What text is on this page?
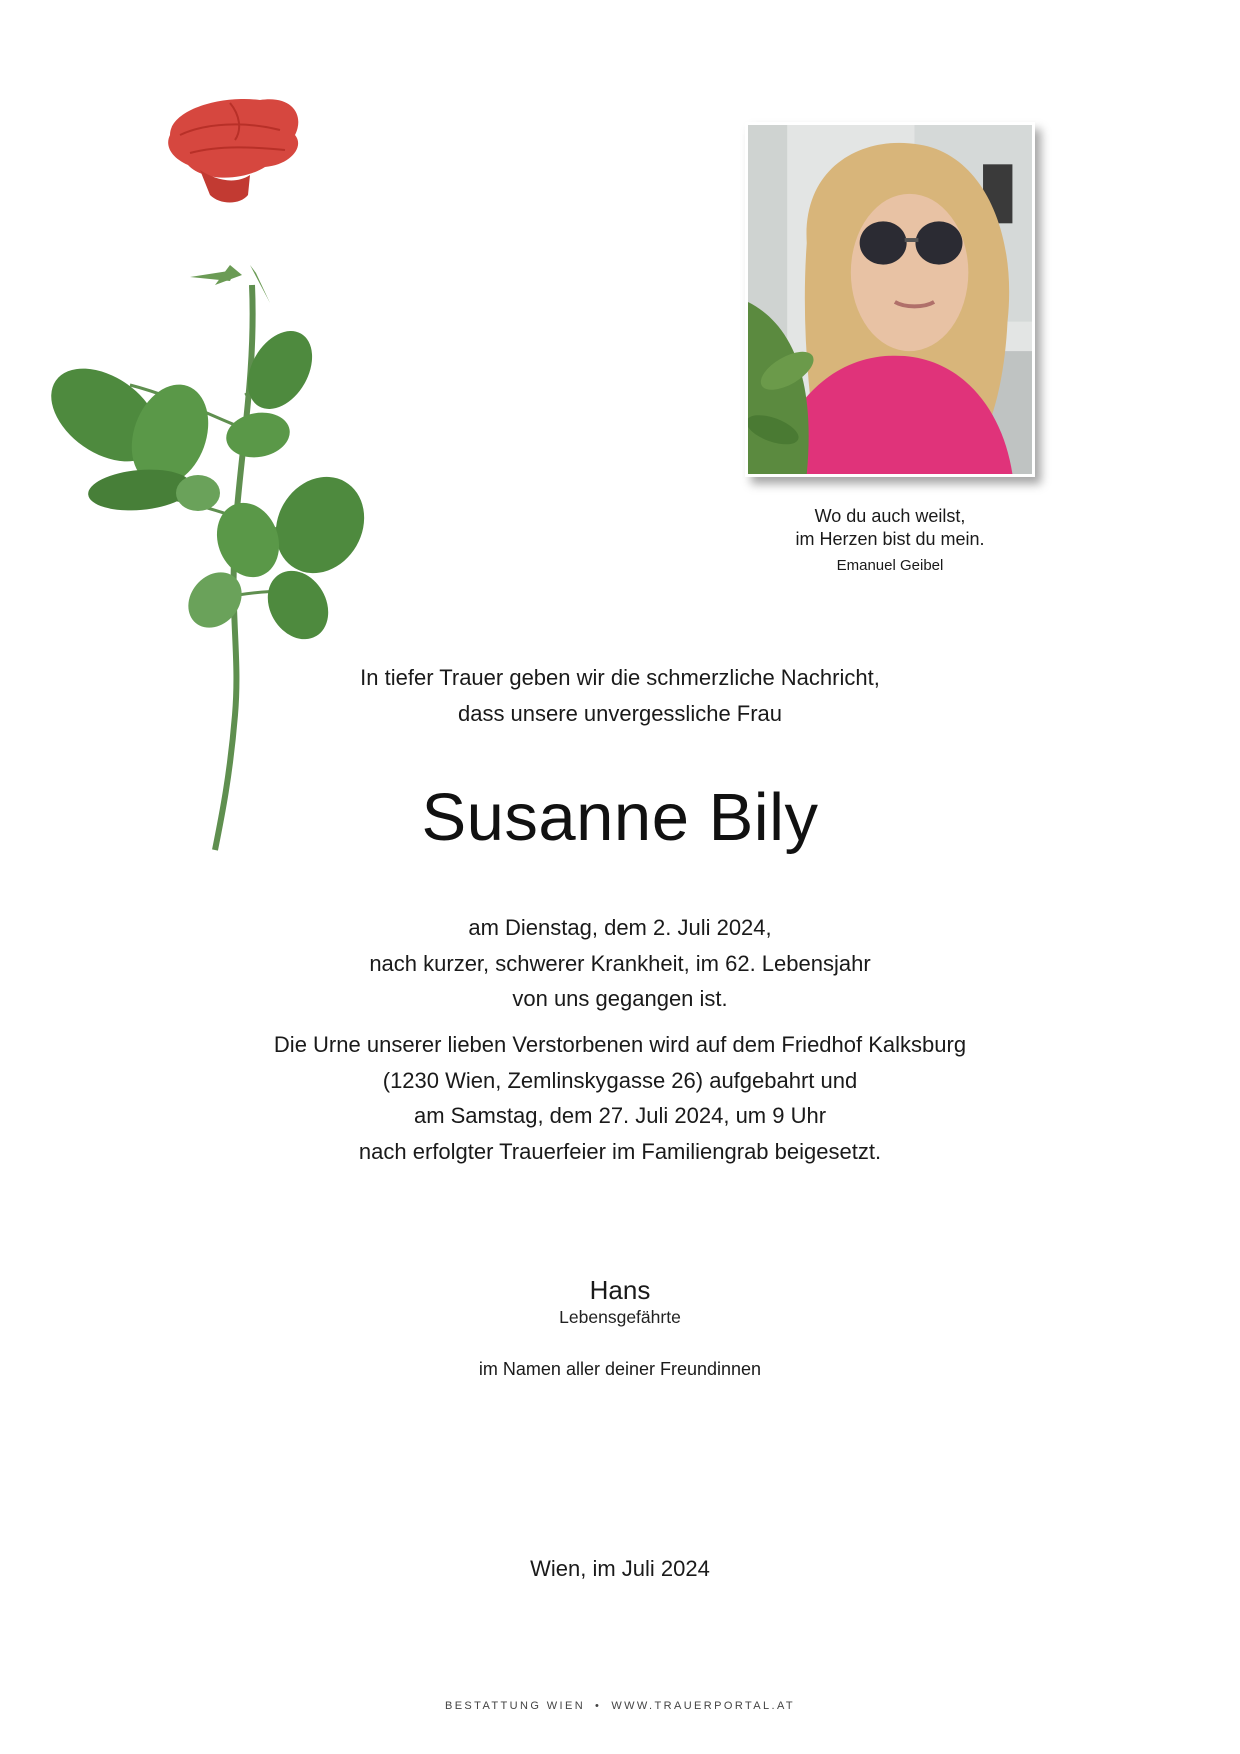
Wo du auch weilst,
im Herzen bist du mein.
Emanuel Geibel
In tiefer Trauer geben wir die schmerzliche Nachricht,
dass unsere unvergessliche Frau
Susanne Bily
am Dienstag, dem 2. Juli 2024,
nach kurzer, schwerer Krankheit, im 62. Lebensjahr
von uns gegangen ist.
Die Urne unserer lieben Verstorbenen wird auf dem Friedhof Kalksburg
(1230 Wien, Zemlinskygasse 26) aufgebahrt und
am Samstag, dem 27. Juli 2024, um 9 Uhr
nach erfolgter Trauerfeier im Familiengrab beigesetzt.
Hans
Lebensgefährte
im Namen aller deiner Freundinnen
Wien, im Juli 2024
BESTATTUNG WIEN • WWW.TRAUERPORTAL.AT
